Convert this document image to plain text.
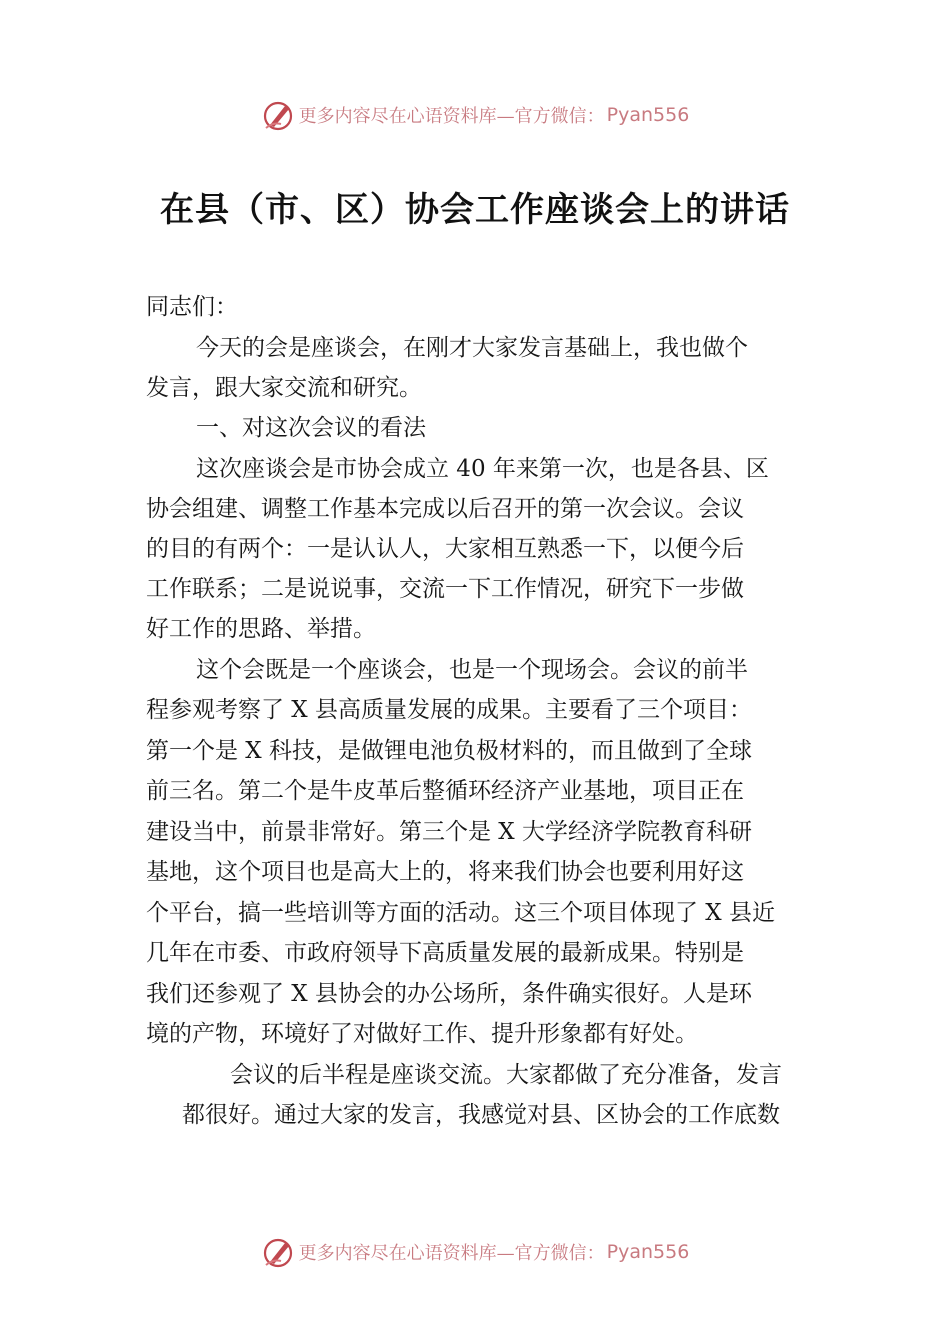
更多内容尽在心语资料库—官方微信： Pyan556
在县（市、区）协会工作座谈会上的讲话
同志们：
今天的会是座谈会，在刚才大家发言基础上，我也做个
发言，跟大家交流和研究。
一、对这次会议的看法
这次座谈会是市协会成立 40 年来第一次，也是各县、区
协会组建、调整工作基本完成以后召开的第一次会议。会议
的目的有两个：一是认认人，大家相互熟悉一下，以便今后
工作联系；二是说说事，交流一下工作情况，研究下一步做
好工作的思路、举措。
这个会既是一个座谈会，也是一个现场会。会议的前半
程参观考察了 X 县高质量发展的成果。主要看了三个项目：
第一个是 X 科技，是做锂电池负极材料的，而且做到了全球
前三名。第二个是牛皮革后整循环经济产业基地，项目正在
建设当中，前景非常好。第三个是 X 大学经济学院教育科研
基地，这个项目也是高大上的，将来我们协会也要利用好这
个平台，搞一些培训等方面的活动。这三个项目体现了 X 县近
几年在市委、市政府领导下高质量发展的最新成果。特别是
我们还参观了 X 县协会的办公场所，条件确实很好。人是环
境的产物，环境好了对做好工作、提升形象都有好处。
会议的后半程是座谈交流。大家都做了充分准备，发言
都很好。通过大家的发言，我感觉对县、区协会的工作底数
更多内容尽在心语资料库—官方微信： Pyan556
